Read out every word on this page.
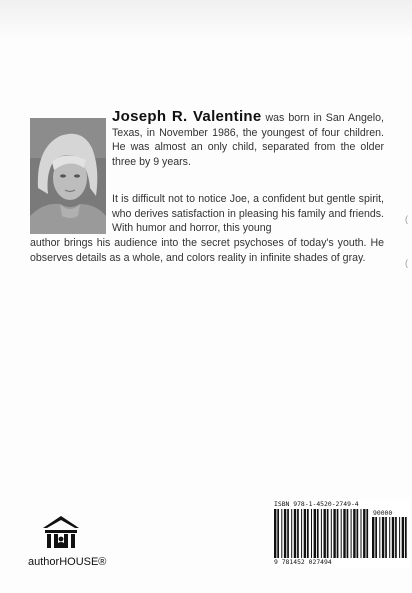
Joseph R. Valentine was born in San Angelo, Texas, in November 1986, the youngest of four children. He was almost an only child, separated from the older three by 9 years.

It is difficult not to notice Joe, a confident but gentle spirit, who derives satisfaction in pleasing his family and friends. With humor and horror, this young
author brings his audience into the secret psychoses of today's youth. He observes details as a whole, and colors reality in infinite shades of gray.
(
(
authorHOUSE®
ISBN 978-1-4520-2749-4
90000
9 781452 027494
